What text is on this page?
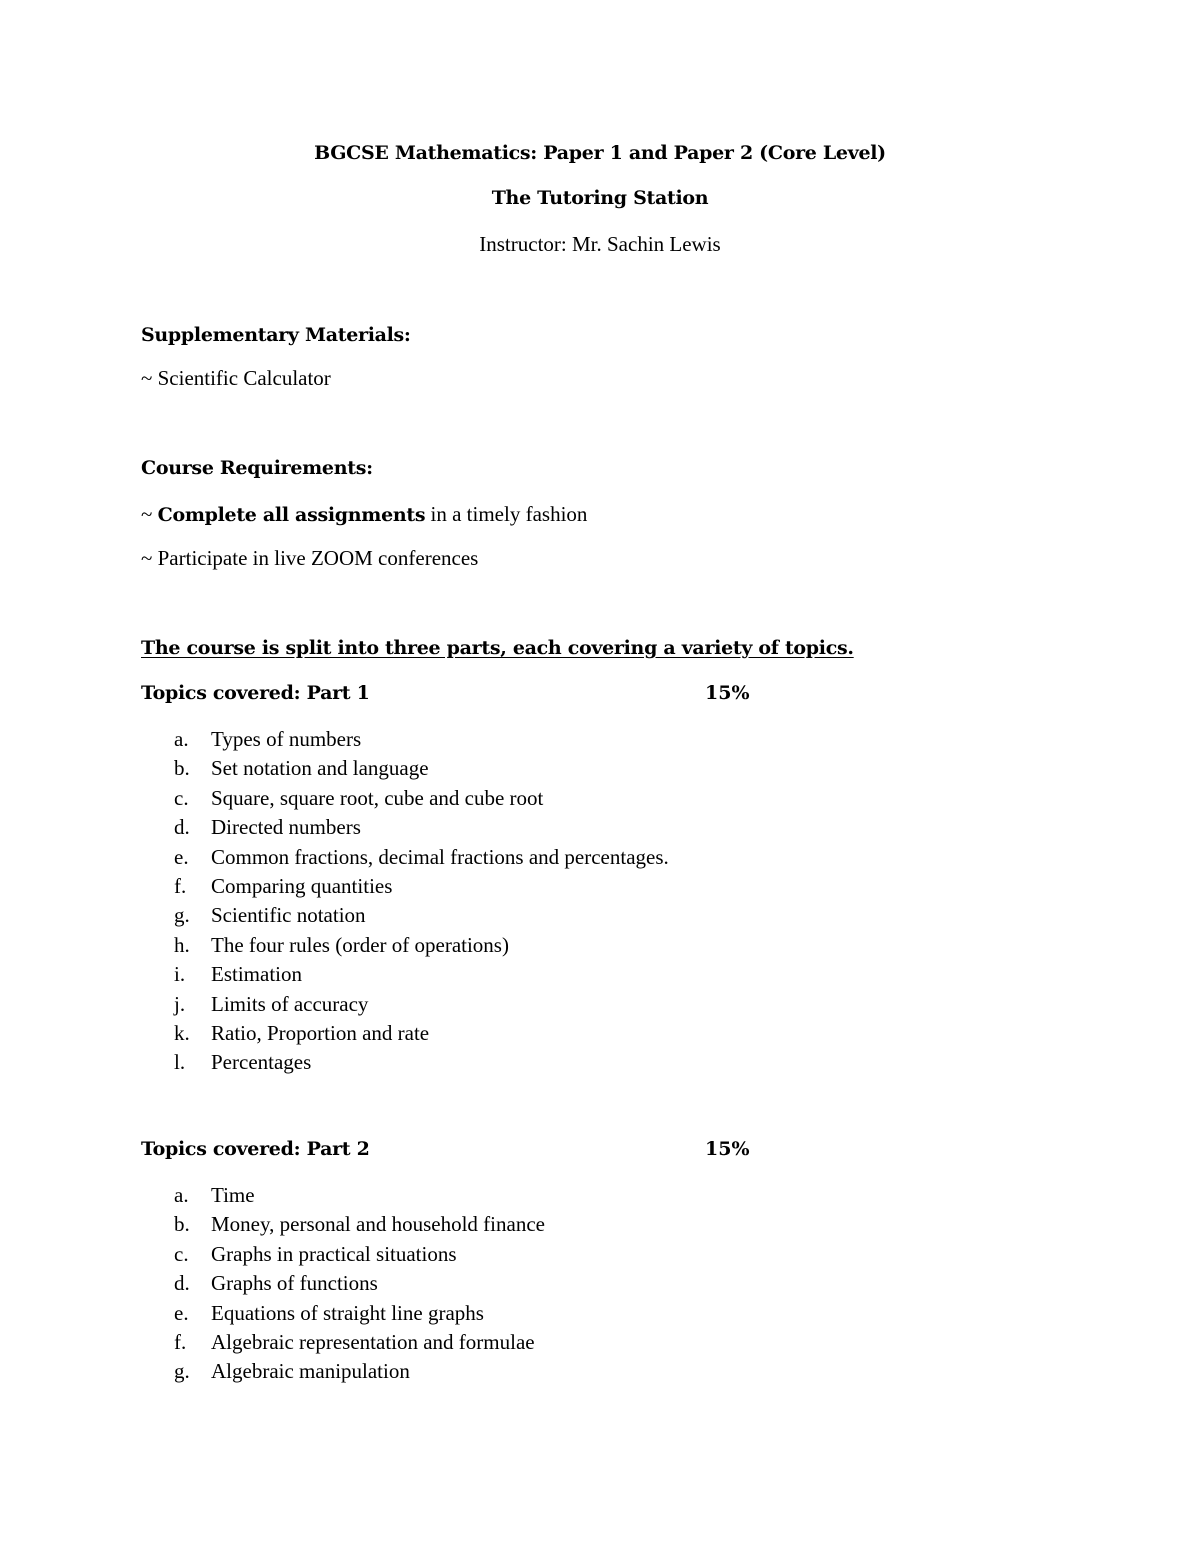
BGCSE Mathematics: Paper 1 and Paper 2 (Core Level)
The Tutoring Station
Instructor: Mr. Sachin Lewis
Supplementary Materials:
~ Scientific Calculator
Course Requirements:
~ Complete all assignments in a timely fashion
~ Participate in live ZOOM conferences
The course is split into three parts, each covering a variety of topics.
Topics covered: Part 1	15%
a. Types of numbers
b. Set notation and language
c. Square, square root, cube and cube root
d. Directed numbers
e. Common fractions, decimal fractions and percentages.
f. Comparing quantities
g. Scientific notation
h. The four rules (order of operations)
i. Estimation
j. Limits of accuracy
k. Ratio, Proportion and rate
l. Percentages
Topics covered: Part 2	15%
a. Time
b. Money, personal and household finance
c. Graphs in practical situations
d. Graphs of functions
e. Equations of straight line graphs
f. Algebraic representation and formulae
g. Algebraic manipulation
